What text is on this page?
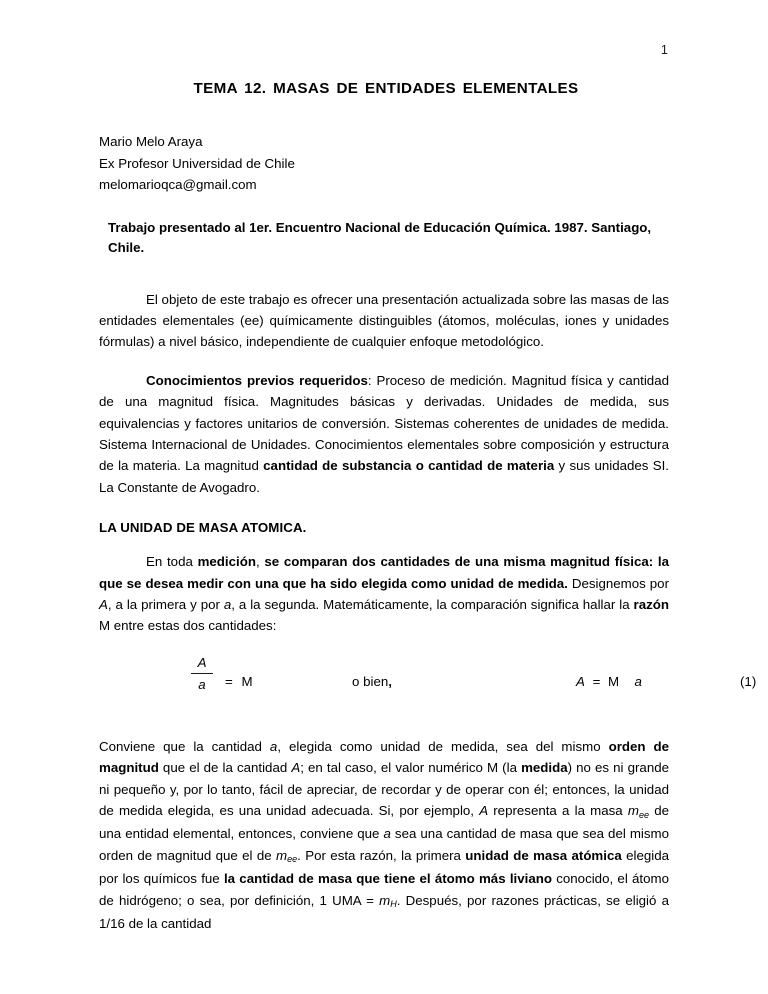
1
TEMA 12. MASAS DE ENTIDADES ELEMENTALES
Mario Melo Araya
Ex Profesor Universidad de Chile
melomarioqca@gmail.com
Trabajo presentado al 1er. Encuentro Nacional de Educación Química. 1987. Santiago, Chile.

El objeto de este trabajo es ofrecer una presentación actualizada sobre las masas de las entidades elementales (ee) químicamente distinguibles (átomos, moléculas, iones y unidades fórmulas) a nivel básico, independiente de cualquier enfoque metodológico.

Conocimientos previos requeridos: Proceso de medición. Magnitud física y cantidad de una magnitud física. Magnitudes básicas y derivadas. Unidades de medida, sus equivalencias y factores unitarios de conversión. Sistemas coherentes de unidades de medida. Sistema Internacional de Unidades. Conocimientos elementales sobre composición y estructura de la materia. La magnitud cantidad de substancia o cantidad de materia y sus unidades SI. La Constante de Avogadro.

LA UNIDAD DE MASA ATOMICA.

En toda medición, se comparan dos cantidades de una misma magnitud física: la que se desea medir con una que ha sido elegida como unidad de medida. Designemos por A, a la primera y por a, a la segunda. Matemáticamente, la comparación significa hallar la razón M entre estas dos cantidades:

A
a	= M	o bien,	A = M  a	(1)

Conviene que la cantidad a, elegida como unidad de medida, sea del mismo orden de magnitud que el de la cantidad A; en tal caso, el valor numérico M (la medida) no es ni grande ni pequeño y, por lo tanto, fácil de apreciar, de recordar y de operar con él; entonces, la unidad de medida elegida, es una unidad adecuada. Si, por ejemplo, A representa a la masa $m_{ee}$ de una entidad elemental, entonces, conviene que a sea una cantidad de masa que sea del mismo orden de magnitud que el de $m_{ee}$. Por esta razón, la primera unidad de masa atómica elegida por los químicos fue la cantidad de masa que tiene el átomo más liviano conocido, el átomo de hidrógeno; o sea, por definición, 1 UMA = $m_H$. Después, por razones prácticas, se eligió a 1/16 de la cantidad
